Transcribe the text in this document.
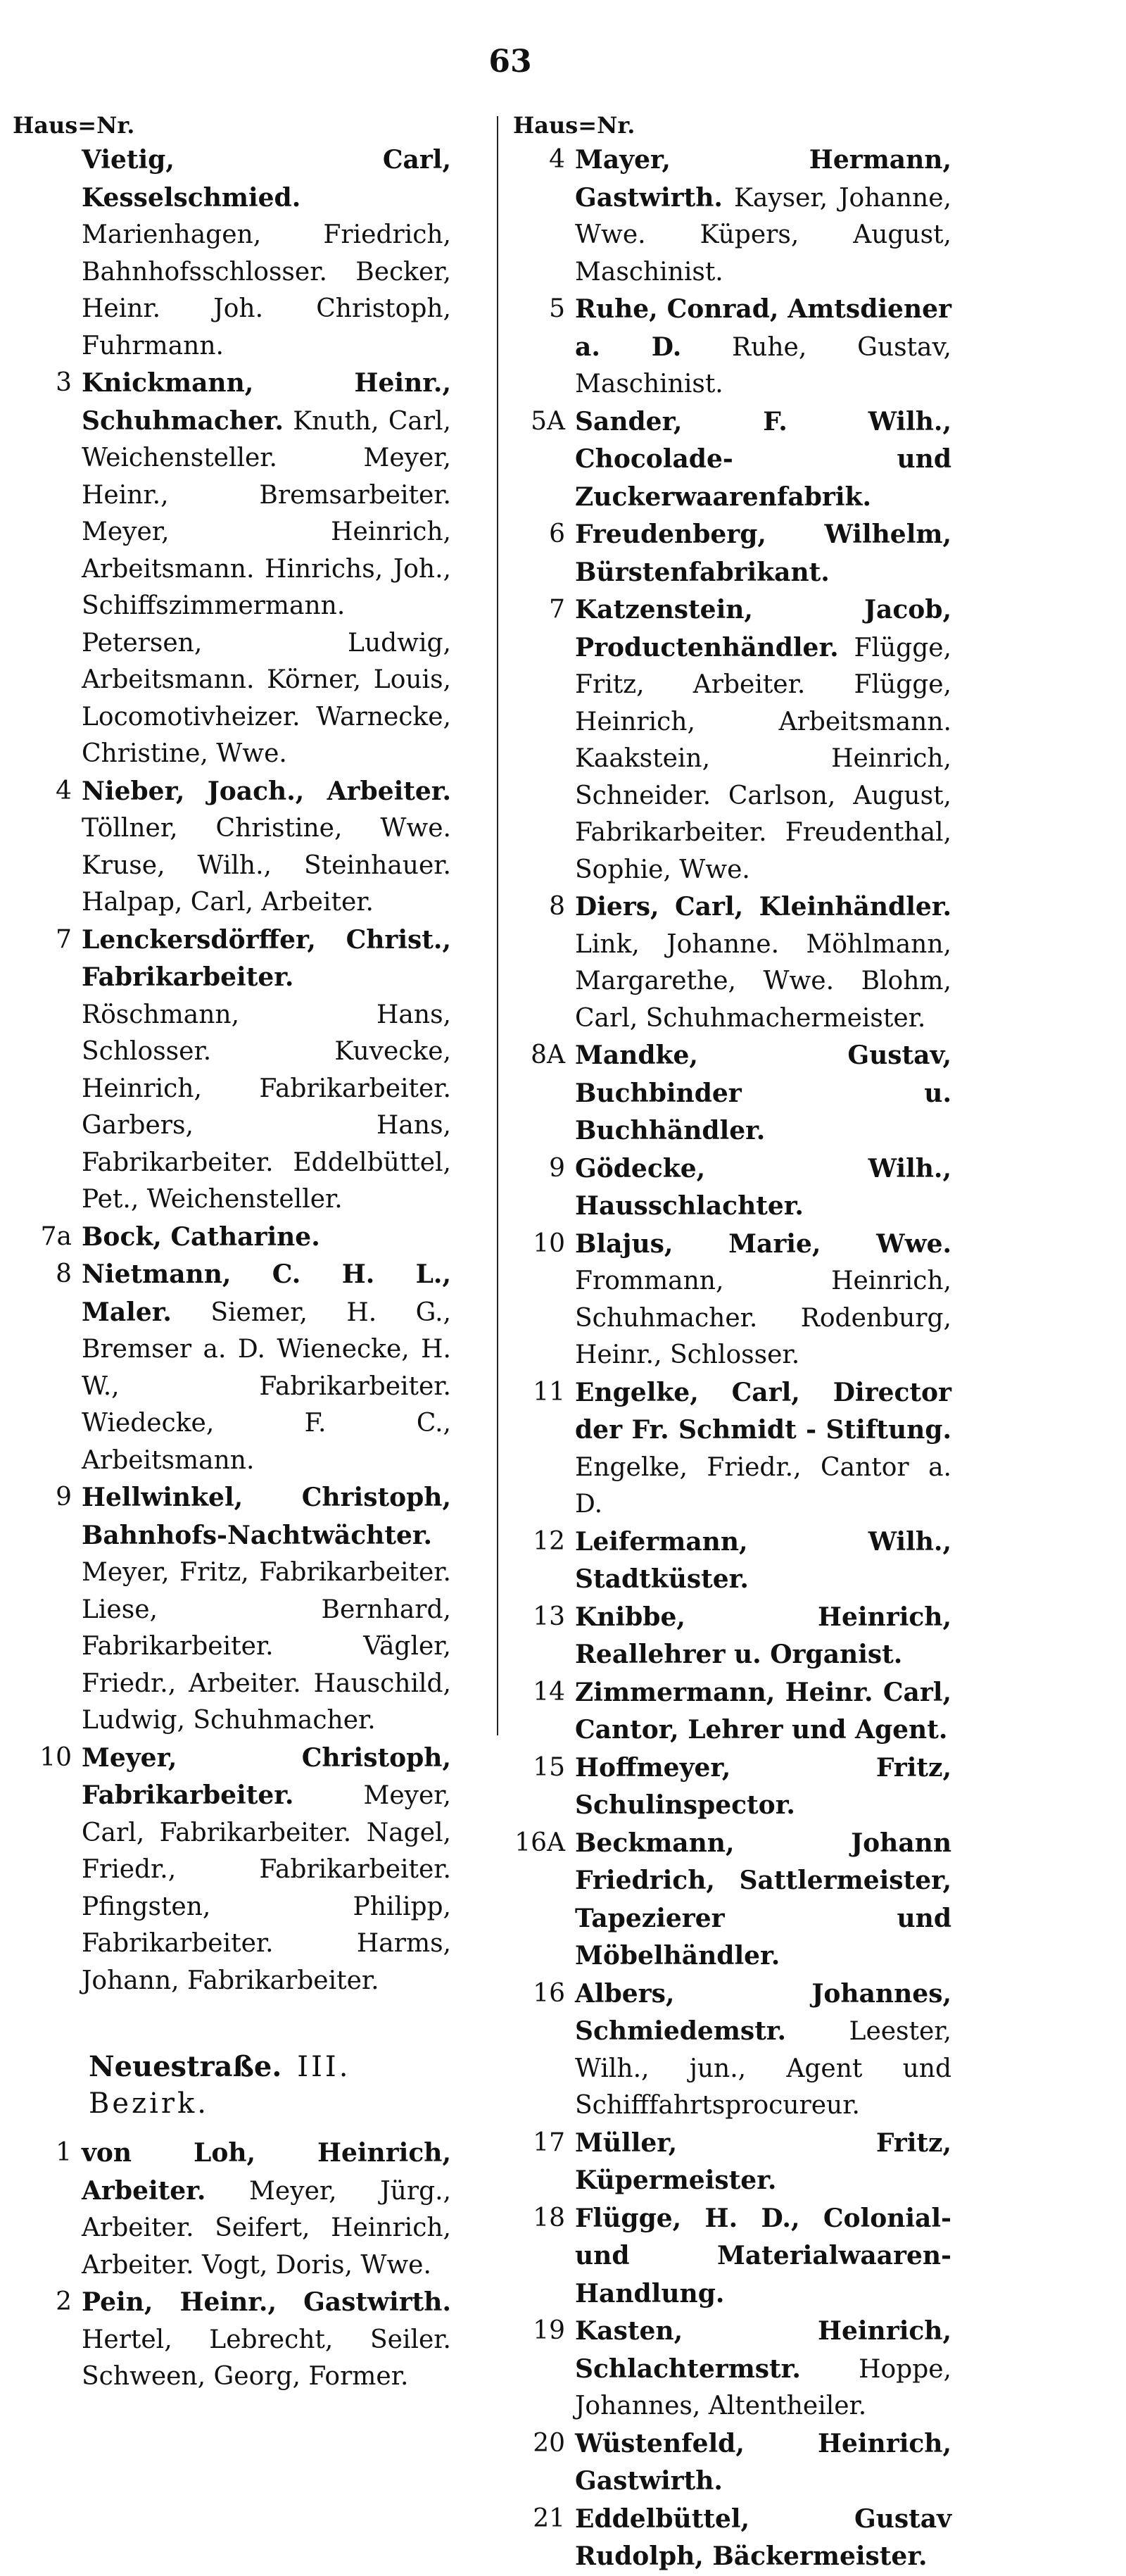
63

Haus=Nr.

Vietig, Carl, Kesselschmied. Marienhagen, Friedrich, Bahnhofsschlosser. Becker, Heinr. Joh. Christoph, Fuhrmann.

3 Knickmann, Heinr., Schuhmacher. Knuth, Carl, Weichensteller. Meyer, Heinr., Bremsarbeiter. Meyer, Heinrich, Arbeitsmann. Hinrichs, Joh., Schiffszimmermann. Petersen, Ludwig, Arbeitsmann. Körner, Louis, Locomotivheizer. Warnecke, Christine, Wwe.

4 Nieber, Joach., Arbeiter. Töllner, Christine, Wwe. Kruse, Wilh., Steinhauer. Halpap, Carl, Arbeiter.

7 Lenckersdörffer, Christ., Fabrikarbeiter. Röschmann, Hans, Schlosser. Kuvecke, Heinrich, Fabrikarbeiter. Garbers, Hans, Fabrikarbeiter. Eddelbüttel, Pet., Weichensteller.

7a Bock, Catharine.

8 Nietmann, C. H. L., Maler. Siemer, H. G., Bremser a. D. Wienecke, H. W., Fabrikarbeiter. Wiedecke, F. C., Arbeitsmann.

9 Hellwinkel, Christoph, Bahnhofs-Nachtwächter. Meyer, Fritz, Fabrikarbeiter. Liese, Bernhard, Fabrikarbeiter. Vägler, Friedr., Arbeiter. Hauschild, Ludwig, Schuhmacher.

10 Meyer, Christoph, Fabrikarbeiter. Meyer, Carl, Fabrikarbeiter. Nagel, Friedr., Fabrikarbeiter. Pfingsten, Philipp, Fabrikarbeiter. Harms, Johann, Fabrikarbeiter.

Neuestraße. III. Bezirk.

1 von Loh, Heinrich, Arbeiter. Meyer, Jürg., Arbeiter. Seifert, Heinrich, Arbeiter. Vogt, Doris, Wwe.

2 Pein, Heinr., Gastwirth. Hertel, Lebrecht, Seiler. Schween, Georg, Former.

Haus=Nr.

4 Mayer, Hermann, Gastwirth. Kayser, Johanne, Wwe. Küpers, August, Maschinist.

5 Ruhe, Conrad, Amtsdiener a. D. Ruhe, Gustav, Maschinist.

5A Sander, F. Wilh., Chocolade- und Zuckerwaarenfabrik.

6 Freudenberg, Wilhelm, Bürstenfabrikant.

7 Katzenstein, Jacob, Productenhändler. Flügge, Fritz, Arbeiter. Flügge, Heinrich, Arbeitsmann. Kaakstein, Heinrich, Schneider. Carlson, August, Fabrikarbeiter. Freudenthal, Sophie, Wwe.

8 Diers, Carl, Kleinhändler. Link, Johanne. Möhlmann, Margarethe, Wwe. Blohm, Carl, Schuhmachermeister.

8A Mandke, Gustav, Buchbinder u. Buchhändler.

9 Gödecke, Wilh., Hausschlachter.

10 Blajus, Marie, Wwe. Frommann, Heinrich, Schuhmacher. Rodenburg, Heinr., Schlosser.

11 Engelke, Carl, Director der Fr. Schmidt - Stiftung. Engelke, Friedr., Cantor a. D.

12 Leifermann, Wilh., Stadtküster.

13 Knibbe, Heinrich, Reallehrer u. Organist.

14 Zimmermann, Heinr. Carl, Cantor, Lehrer und Agent.

15 Hoffmeyer, Fritz, Schulinspector.

16A Beckmann, Johann Friedrich, Sattlermeister, Tapezierer und Möbelhändler.

16 Albers, Johannes, Schmiedemstr. Leester, Wilh., jun., Agent und Schifffahrtsprocureur.

17 Müller, Fritz, Küpermeister.

18 Flügge, H. D., Colonial- und Materialwaaren-Handlung.

19 Kasten, Heinrich, Schlachtermstr. Hoppe, Johannes, Altentheiler.

20 Wüstenfeld, Heinrich, Gastwirth.

21 Eddelbüttel, Gustav Rudolph, Bäckermeister.
